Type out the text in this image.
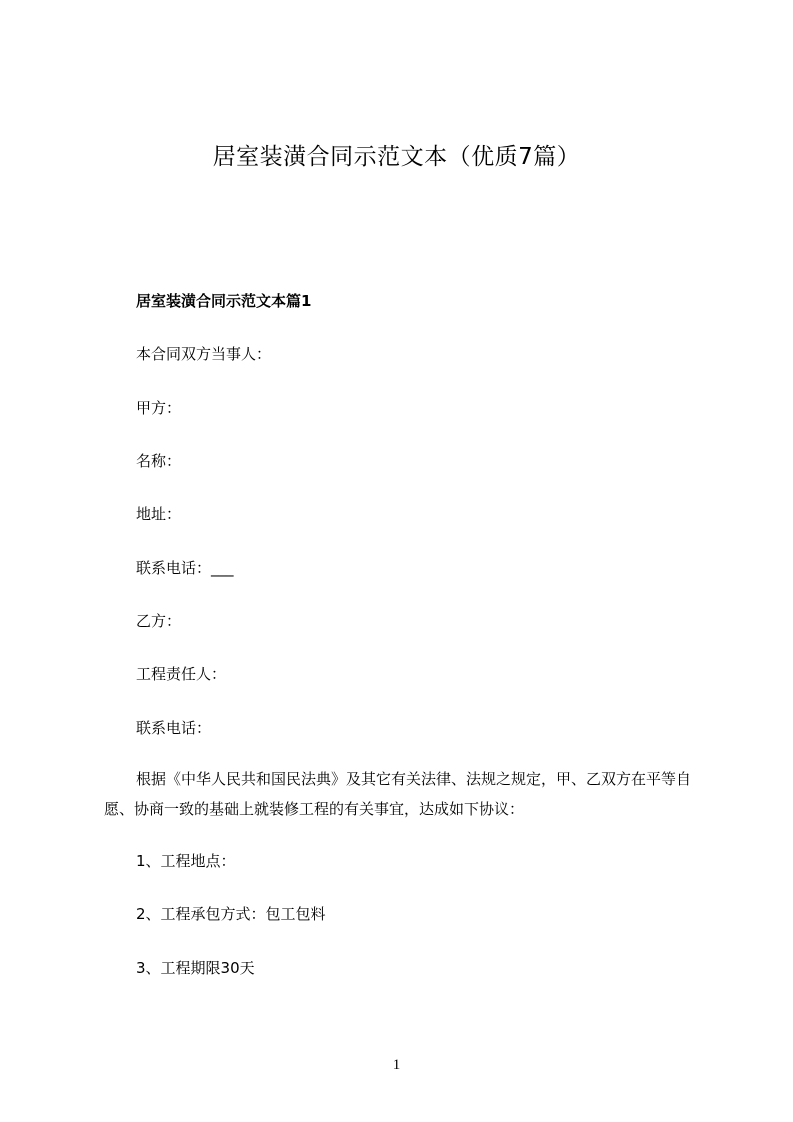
居室装潢合同示范文本（优质7篇）

居室装潢合同示范文本篇1

本合同双方当事人：

甲方：

名称：

地址：

联系电话：___

乙方：

工程责任人：

联系电话：

根据《中华人民共和国民法典》及其它有关法律、法规之规定，甲、乙双方在平等自愿、协商一致的基础上就装修工程的有关事宜，达成如下协议：

1、工程地点：

2、工程承包方式：包工包料

3、工程期限30天

1
